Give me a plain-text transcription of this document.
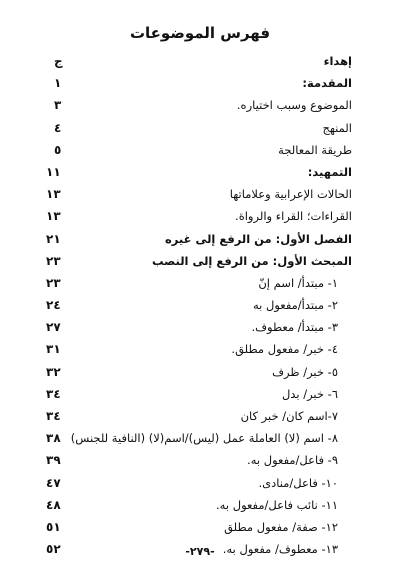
فهرس الموضوعات
إهداء
ج
المقدمة:
١
الموضوع وسبب اختياره.
٣
المنهج
٤
طريقة المعالجة
٥
التمهيد:
١١
الحالات الإعرابية وعلاماتها
١٣
القراءات؛ القراء والرواة.
١٣
الفصل الأول: من الرفع إلى غيره
٢١
المبحث الأول: من الرفع إلى النصب
٢٣
١- مبتدأ/ اسم إنّ
٢٣
٢- مبتدأ/مفعول به
٢٤
٣- مبتدأ/ معطوف.
٢٧
٤- خبر/ مفعول مطلق.
٣١
٥- خبر/ ظرف
٣٢
٦- خبر/ بدل
٣٤
٧-اسم كان/ خبر كان
٣٤
٨- اسم (لا) العاملة عمل (ليس)/اسم(لا) (النافية للجنس)
٣٨
٩- فاعل/مفعول به.
٣٩
١٠- فاعل/منادى.
٤٧
١١- نائب فاعل/مفعول به.
٤٨
١٢- صفة/ مفعول مطلق
٥١
١٣- معطوف/ مفعول به.
٥٢	-٢٧٩-
